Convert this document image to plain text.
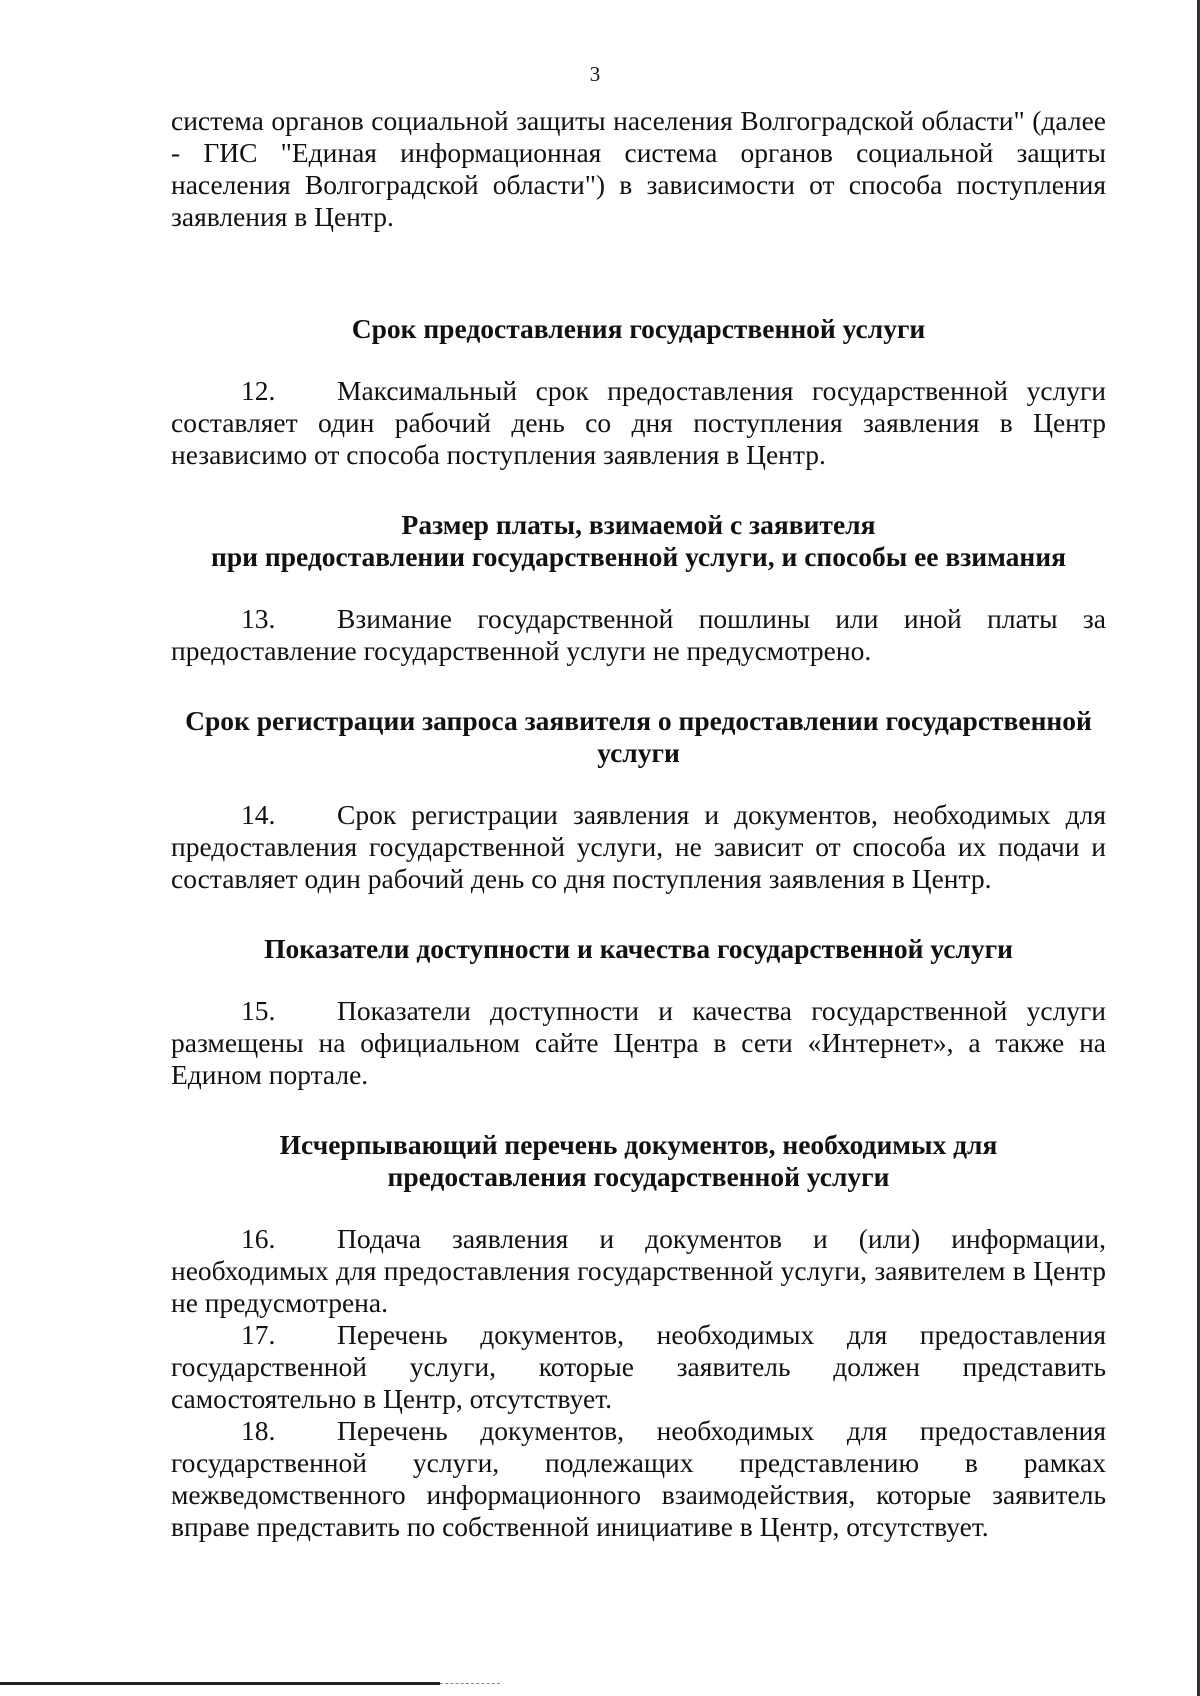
3

система органов социальной защиты населения Волгоградской области" (далее - ГИС "Единая информационная система органов социальной защиты населения Волгоградской области") в зависимости от способа поступления заявления в Центр.

Срок предоставления государственной услуги

12. Максимальный срок предоставления государственной услуги составляет один рабочий день со дня поступления заявления в Центр независимо от способа поступления заявления в Центр.

Размер платы, взимаемой с заявителя
при предоставлении государственной услуги, и способы ее взимания

13. Взимание государственной пошлины или иной платы за предоставление государственной услуги не предусмотрено.

Срок регистрации запроса заявителя о предоставлении государственной услуги

14. Срок регистрации заявления и документов, необходимых для предоставления государственной услуги, не зависит от способа их подачи и составляет один рабочий день со дня поступления заявления в Центр.

Показатели доступности и качества государственной услуги

15. Показатели доступности и качества государственной услуги размещены на официальном сайте Центра в сети «Интернет», а также на Едином портале.

Исчерпывающий перечень документов, необходимых для
предоставления государственной услуги

16. Подача заявления и документов и (или) информации, необходимых для предоставления государственной услуги, заявителем в Центр не предусмотрена.

17. Перечень документов, необходимых для предоставления государственной услуги, которые заявитель должен представить самостоятельно в Центр, отсутствует.

18. Перечень документов, необходимых для предоставления государственной услуги, подлежащих представлению в рамках межведомственного информационного взаимодействия, которые заявитель вправе представить по собственной инициативе в Центр, отсутствует.
